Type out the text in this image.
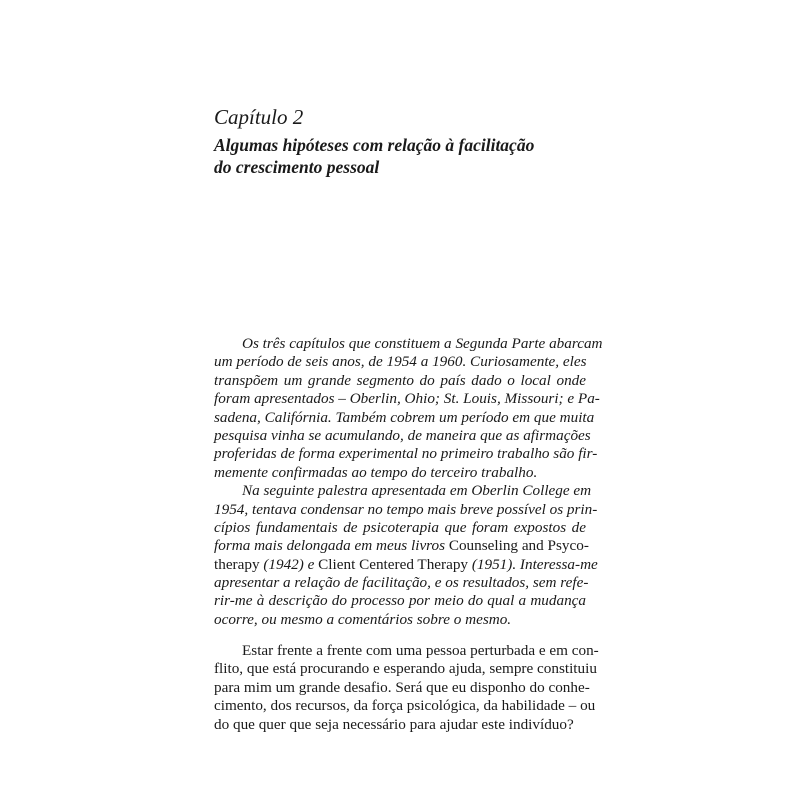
Capítulo 2
Algumas hipóteses com relação à facilitação
do crescimento pessoal
Os três capítulos que constituem a Segunda Parte abarcam
um período de seis anos, de 1954 a 1960. Curiosamente, eles
transpõem um grande segmento do país dado o local onde
foram apresentados – Oberlin, Ohio; St. Louis, Missouri; e Pa-
sadena, Califórnia. Também cobrem um período em que muita
pesquisa vinha se acumulando, de maneira que as afirmações
proferidas de forma experimental no primeiro trabalho são fir-
memente confirmadas ao tempo do terceiro trabalho.
Na seguinte palestra apresentada em Oberlin College em
1954, tentava condensar no tempo mais breve possível os prin-
cípios fundamentais de psicoterapia que foram expostos de
forma mais delongada em meus livros Counseling and Psyco-
therapy (1942) e Client Centered Therapy (1951). Interessa-me
apresentar a relação de facilitação, e os resultados, sem refe-
rir-me à descrição do processo por meio do qual a mudança
ocorre, ou mesmo a comentários sobre o mesmo.
Estar frente a frente com uma pessoa perturbada e em con-
flito, que está procurando e esperando ajuda, sempre constituiu
para mim um grande desafio. Será que eu disponho do conhe-
cimento, dos recursos, da força psicológica, da habilidade – ou
do que quer que seja necessário para ajudar este indivíduo?
